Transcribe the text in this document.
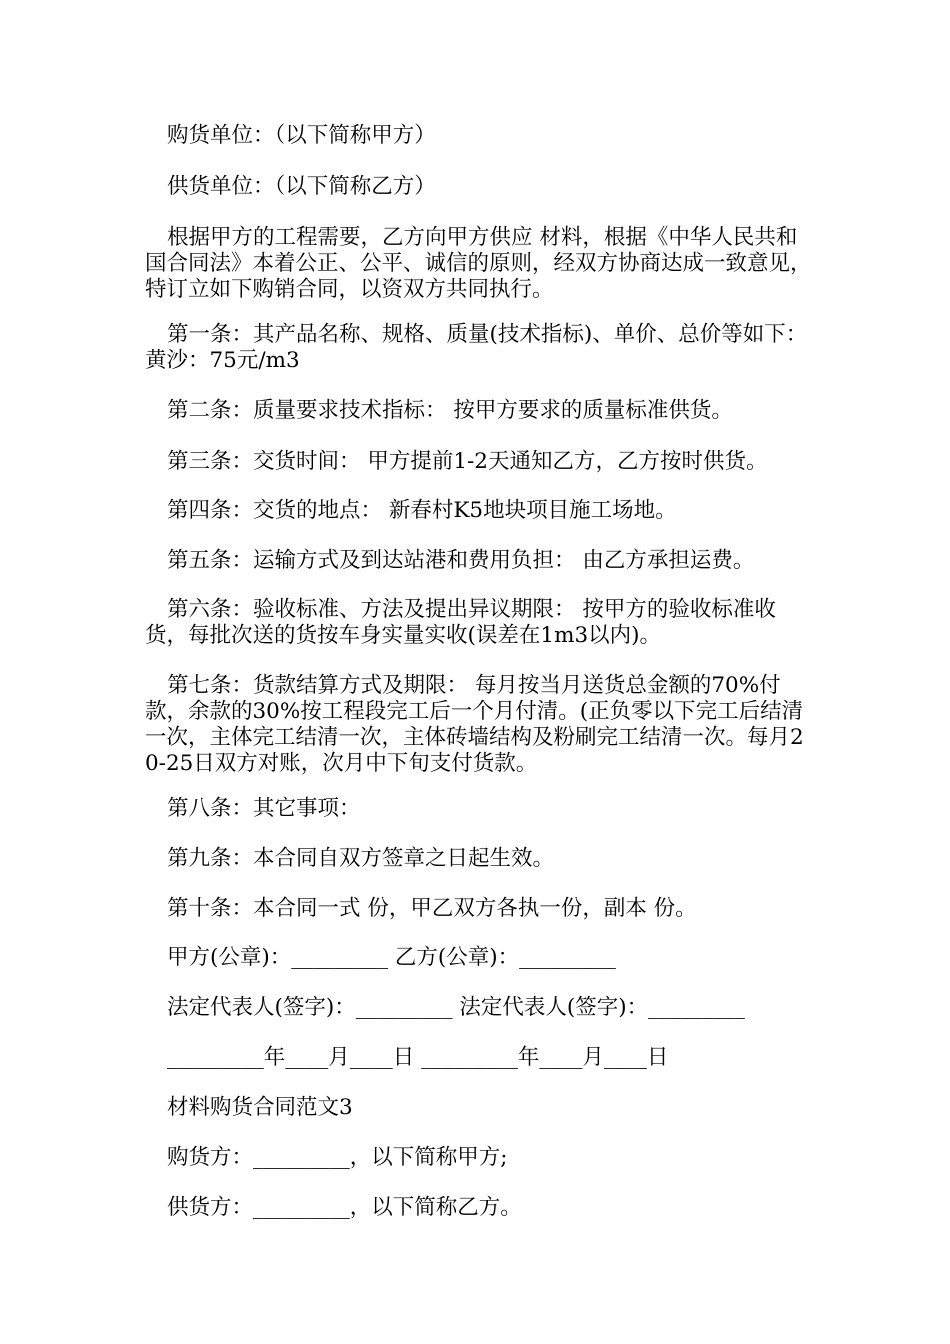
购货单位：（以下简称甲方）

供货单位：（以下简称乙方）

根据甲方的工程需要，乙方向甲方供应 材料，根据《中华人民共和国合同法》本着公正、公平、诚信的原则，经双方协商达成一致意见，特订立如下购销合同，以资双方共同执行。

第一条：其产品名称、规格、质量(技术指标)、单价、总价等如下： 黄沙：75元/m3

第二条：质量要求技术指标： 按甲方要求的质量标准供货。

第三条：交货时间： 甲方提前1-2天通知乙方，乙方按时供货。

第四条：交货的地点： 新春村K5地块项目施工场地。

第五条：运输方式及到达站港和费用负担： 由乙方承担运费。

第六条：验收标准、方法及提出异议期限： 按甲方的验收标准收货，每批次送的货按车身实量实收(误差在1m3以内)。

第七条：货款结算方式及期限： 每月按当月送货总金额的70%付款，余款的30%按工程段完工后一个月付清。(正负零以下完工后结清一次，主体完工结清一次，主体砖墙结构及粉刷完工结清一次。每月20-25日双方对账，次月中下旬支付货款。

第八条：其它事项：

第九条：本合同自双方签章之日起生效。

第十条：本合同一式 份，甲乙双方各执一份，副本 份。

甲方(公章)：_________ 乙方(公章)：_________

法定代表人(签字)：_________ 法定代表人(签字)：_________

_________年____月____日 _________年____月____日

材料购货合同范文3

购货方：_________，以下简称甲方;

供货方：_________，以下简称乙方。
